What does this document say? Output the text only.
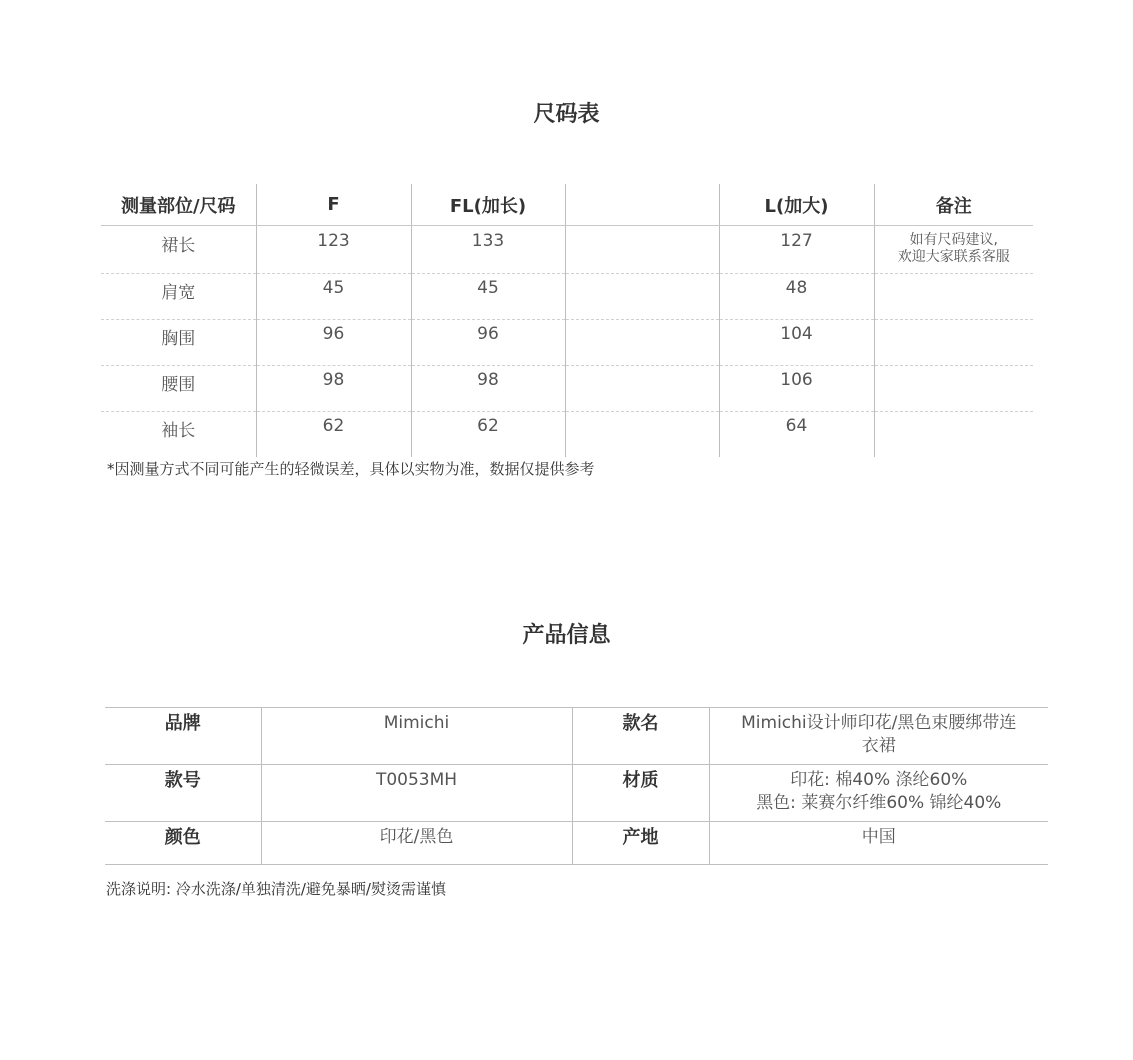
尺码表
测量部位/尺码	F	FL(加长)		L(加大)	备注
裙长	123	133		127	如有尺码建议,
欢迎大家联系客服

肩宽	45	45		48	
胸围	96	96		104	
腰围	98	98		106	
袖长	62	62		64	
*因测量方式不同可能产生的轻微误差，具体以实物为准，数据仅提供参考
产品信息
品牌	Mimichi	款名	Mimichi设计师印花/黑色束腰绑带连
衣裙

款号	T0053MH	材质	印花: 棉40% 涤纶60%
黑色: 莱赛尔纤维60% 锦纶40%

颜色	印花/黑色	产地	中国
洗涤说明: 冷水洗涤/单独清洗/避免暴晒/熨烫需谨慎
